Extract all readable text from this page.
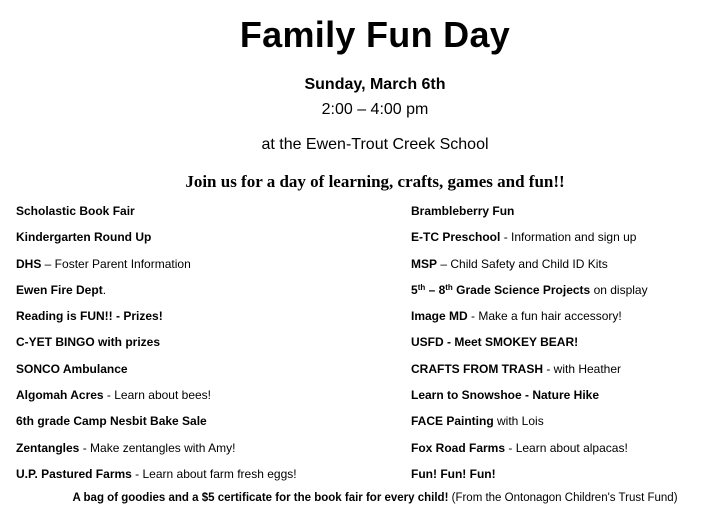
Family Fun Day
Sunday, March 6th
2:00 – 4:00 pm
at the Ewen-Trout Creek School
Join us for a day of learning, crafts, games and fun!!
Scholastic Book Fair
Kindergarten Round Up
DHS – Foster Parent Information
Ewen Fire Dept.
Reading is FUN!! - Prizes!
C-YET BINGO with prizes
SONCO Ambulance
Algomah Acres - Learn about bees!
6th grade Camp Nesbit Bake Sale
Zentangles - Make zentangles with Amy!
U.P. Pastured Farms - Learn about farm fresh eggs!
Brambleberry Fun
E-TC Preschool - Information and sign up
MSP – Child Safety and Child ID Kits
5th – 8th Grade Science Projects on display
Image MD - Make a fun hair accessory!
USFD - Meet SMOKEY BEAR!
CRAFTS FROM TRASH - with Heather
Learn to Snowshoe - Nature Hike
FACE Painting with Lois
Fox Road Farms - Learn about alpacas!
Fun! Fun! Fun!
A bag of goodies and a $5 certificate for the book fair for every child! (From the Ontonagon Children's Trust Fund)
